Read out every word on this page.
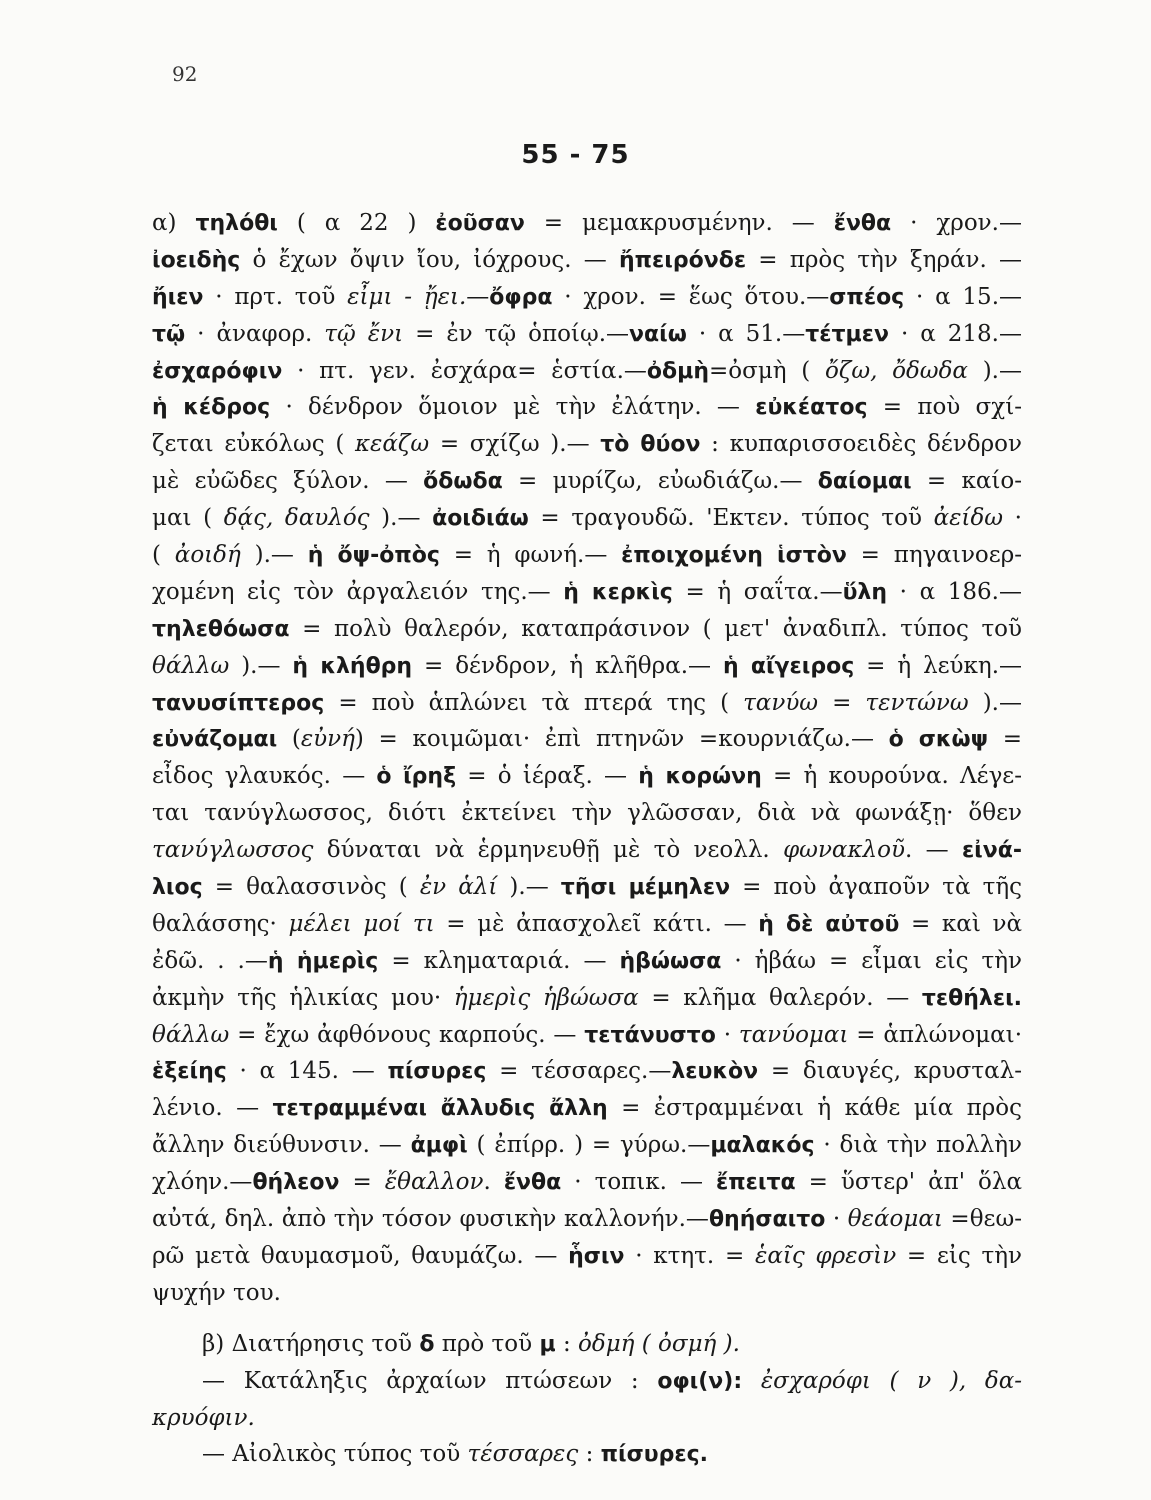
92
55 - 75
α) τηλόθι ( α 22 ) ἐοῦσαν = μεμακρυσμένην. — ἔνθα · χρον.—
ἰοειδὴς ὁ ἔχων ὄψιν ἴου, ἰόχρους. — ἤπειρόνδε = πρὸς τὴν ξηράν. —
ἤιεν · πρτ. τοῦ εἶμι - ᾔει.—ὄφρα · χρον. = ἕως ὅτου.—σπέος · α 15.—
τῷ · ἀναφορ. τῷ ἔνι = ἐν τῷ ὁποίῳ.—ναίω · α 51.—τέτμεν · α 218.—
ἐσχαρόφιν · πτ. γεν. ἐσχάρα= ἑστία.—ὀδμὴ=ὀσμὴ ( ὄζω, ὄδωδα ).—
ἡ κέδρος · δένδρον ὅμοιον μὲ τὴν ἐλάτην. — εὐκέατος = ποὺ σχί-
ζεται εὐκόλως ( κεάζω = σχίζω ).— τὸ θύον : κυπαρισσοειδὲς δένδρον
μὲ εὐῶδες ξύλον. — ὄδωδα = μυρίζω, εὐωδιάζω.— δαίομαι = καίο-
μαι ( δᾴς, δαυλός ).— ἀοιδιάω = τραγουδῶ. 'Εκτεν. τύπος τοῦ ἀείδω ·
( ἀοιδή ).— ἡ ὄψ-ὀπὸς = ἡ φωνή.— ἐποιχομένη ἱστὸν = πηγαινοερ-
χομένη εἰς τὸν ἀργαλειόν της.— ἡ κερκὶς = ἡ σαΐτα.—ὕλη · α 186.—
τηλεθόωσα = πολὺ θαλερόν, καταπράσινον ( μετ' ἀναδιπλ. τύπος τοῦ
θάλλω ).— ἡ κλήθρη = δένδρον, ἡ κλῆθρα.— ἡ αἴγειρος = ἡ λεύκη.—
τανυσίπτερος = ποὺ ἁπλώνει τὰ πτερά της ( τανύω = τεντώνω ).—
εὐνάζομαι (εὐνή) = κοιμῶμαι· ἐπὶ πτηνῶν =κουρνιάζω.— ὁ σκὼψ =
εἶδος γλαυκός. — ὁ ἴρηξ = ὁ ἱέραξ. — ἡ κορώνη = ἡ κουρούνα. Λέγε-
ται τανύγλωσσος, διότι ἐκτείνει τὴν γλῶσσαν, διὰ νὰ φωνάξῃ· ὅθεν
τανύγλωσσος δύναται νὰ ἑρμηνευθῇ μὲ τὸ νεολλ. φωνακλοῦ. — εἰνά-
λιος = θαλασσινὸς ( ἐν ἁλί ).— τῆσι μέμηλεν = ποὺ ἀγαποῦν τὰ τῆς
θαλάσσης· μέλει μοί τι = μὲ ἀπασχολεῖ κάτι. — ἡ δὲ αὐτοῦ = καὶ νὰ
ἐδῶ. . .—ἡ ἡμερὶς = κληματαριά. — ἡβώωσα · ἡβάω = εἶμαι εἰς τὴν
ἀκμὴν τῆς ἡλικίας μου· ἡμερὶς ἡβώωσα = κλῆμα θαλερόν. — τεθήλει.
θάλλω = ἔχω ἀφθόνους καρπούς. — τετάνυστο · τανύομαι = ἁπλώνομαι·
ἑξείης · α 145. — πίσυρες = τέσσαρες.—λευκὸν = διαυγές, κρυσταλ-
λένιο. — τετραμμέναι ἄλλυδις ἄλλη = ἐστραμμέναι ἡ κάθε μία πρὸς
ἄλλην διεύθυνσιν. — ἀμφὶ ( ἐπίρρ. ) = γύρω.—μαλακός · διὰ τὴν πολλὴν
χλόην.—θήλεον = ἔθαλλον. ἔνθα · τοπικ. — ἔπειτα = ὕστερ' ἀπ' ὅλα
αὐτά, δηλ. ἀπὸ τὴν τόσον φυσικὴν καλλονήν.—θηήσαιτο · θεάομαι =θεω-
ρῶ μετὰ θαυμασμοῦ, θαυμάζω. — ἧσιν · κτητ. = ἑαῖς φρεσὶν = εἰς τὴν
ψυχήν του.
β) Διατήρησις τοῦ δ πρὸ τοῦ μ : ὀδμή ( ὀσμή ).
— Κατάληξις ἀρχαίων πτώσεων : οφι(ν): ἐσχαρόφι ( ν ), δα-
κρυόφιν.
— Αἰολικὸς τύπος τοῦ τέσσαρες : πίσυρες.
